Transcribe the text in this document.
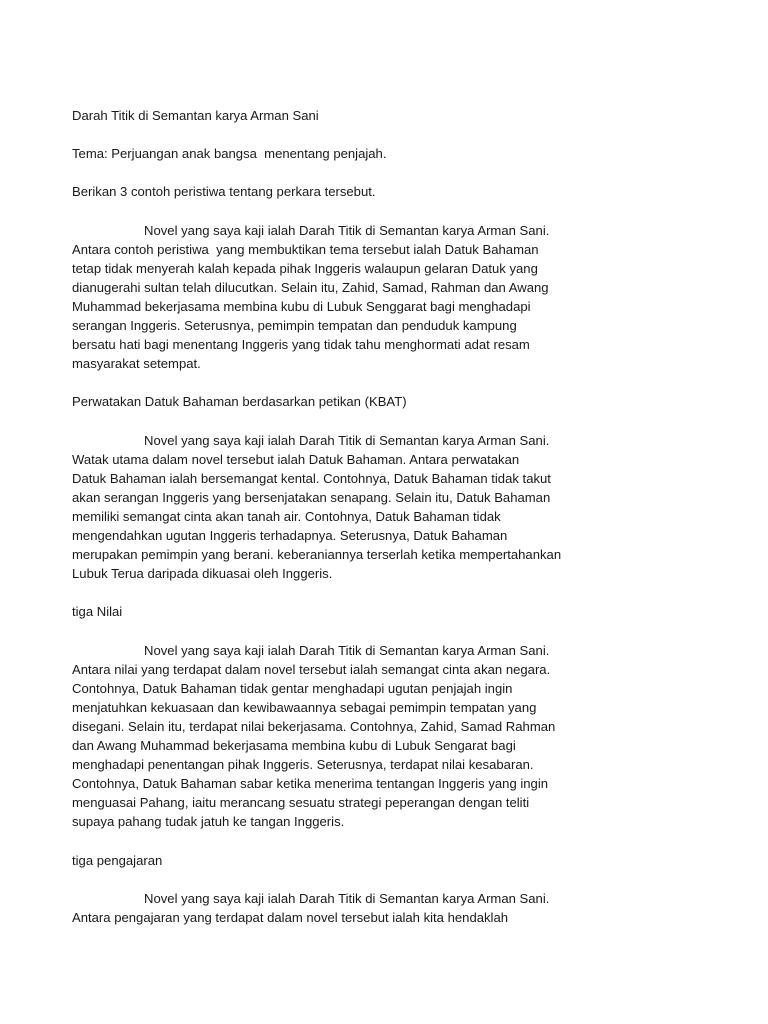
Darah Titik di Semantan karya Arman Sani
Tema: Perjuangan anak bangsa  menentang penjajah.
Berikan 3 contoh peristiwa tentang perkara tersebut.
Novel yang saya kaji ialah Darah Titik di Semantan karya Arman Sani.
Antara contoh peristiwa  yang membuktikan tema tersebut ialah Datuk Bahaman
tetap tidak menyerah kalah kepada pihak Inggeris walaupun gelaran Datuk yang
dianugerahi sultan telah dilucutkan. Selain itu, Zahid, Samad, Rahman dan Awang
Muhammad bekerjasama membina kubu di Lubuk Senggarat bagi menghadapi
serangan Inggeris. Seterusnya, pemimpin tempatan dan penduduk kampung
bersatu hati bagi menentang Inggeris yang tidak tahu menghormati adat resam
masyarakat setempat.
Perwatakan Datuk Bahaman berdasarkan petikan (KBAT)
Novel yang saya kaji ialah Darah Titik di Semantan karya Arman Sani.
Watak utama dalam novel tersebut ialah Datuk Bahaman. Antara perwatakan
Datuk Bahaman ialah bersemangat kental. Contohnya, Datuk Bahaman tidak takut
akan serangan Inggeris yang bersenjatakan senapang. Selain itu, Datuk Bahaman
memiliki semangat cinta akan tanah air. Contohnya, Datuk Bahaman tidak
mengendahkan ugutan Inggeris terhadapnya. Seterusnya, Datuk Bahaman
merupakan pemimpin yang berani. keberaniannya terserlah ketika mempertahankan
Lubuk Terua daripada dikuasai oleh Inggeris.
tiga Nilai
Novel yang saya kaji ialah Darah Titik di Semantan karya Arman Sani.
Antara nilai yang terdapat dalam novel tersebut ialah semangat cinta akan negara.
Contohnya, Datuk Bahaman tidak gentar menghadapi ugutan penjajah ingin
menjatuhkan kekuasaan dan kewibawaannya sebagai pemimpin tempatan yang
disegani. Selain itu, terdapat nilai bekerjasama. Contohnya, Zahid, Samad Rahman
dan Awang Muhammad bekerjasama membina kubu di Lubuk Sengarat bagi
menghadapi penentangan pihak Inggeris. Seterusnya, terdapat nilai kesabaran.
Contohnya, Datuk Bahaman sabar ketika menerima tentangan Inggeris yang ingin
menguasai Pahang, iaitu merancang sesuatu strategi peperangan dengan teliti
supaya pahang tudak jatuh ke tangan Inggeris.
tiga pengajaran
Novel yang saya kaji ialah Darah Titik di Semantan karya Arman Sani.
Antara pengajaran yang terdapat dalam novel tersebut ialah kita hendaklah
